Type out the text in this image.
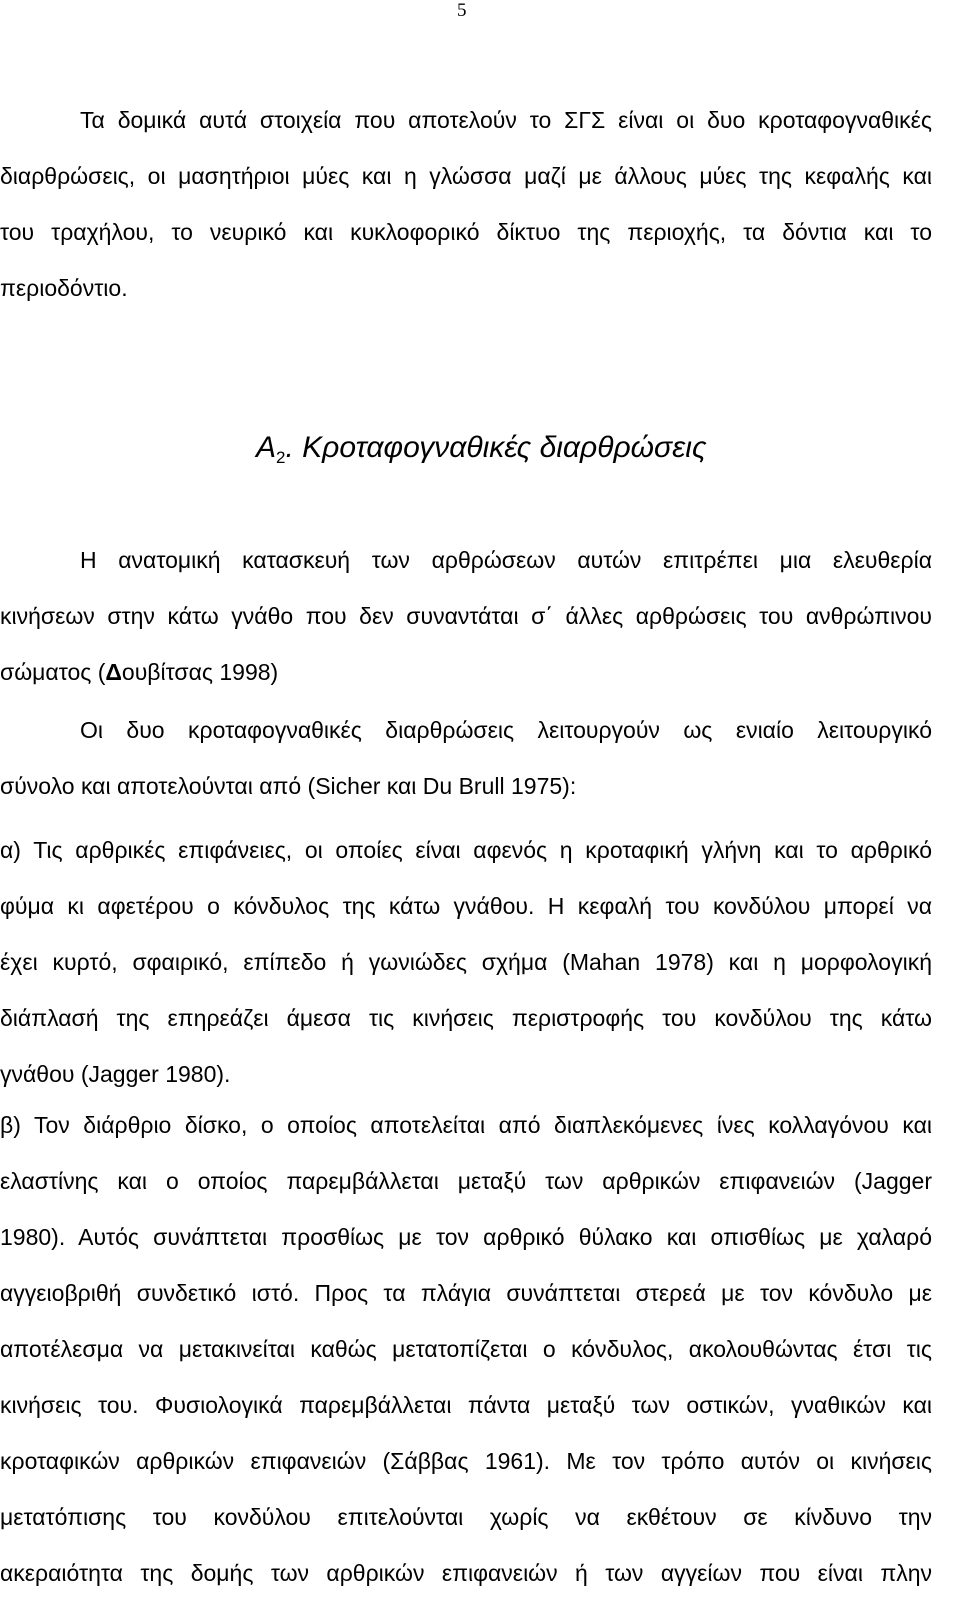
5
Τα δομικά αυτά στοιχεία που αποτελούν το ΣΓΣ είναι οι δυο κροταφογναθικές
διαρθρώσεις, οι μασητήριοι μύες και η γλώσσα μαζί με άλλους μύες της κεφαλής και
του τραχήλου, το νευρικό και κυκλοφορικό δίκτυο της περιοχής, τα δόντια και το
περιοδόντιο.
$A_2$. Κροταφογναθικές διαρθρώσεις
Η ανατομική κατασκευή των αρθρώσεων αυτών επιτρέπει μια ελευθερία
κινήσεων στην κάτω γνάθο που δεν συναντάται σ΄ άλλες αρθρώσεις του ανθρώπινου
σώματος (Δουβίτσας 1998)
Οι δυο κροταφογναθικές διαρθρώσεις λειτουργούν ως ενιαίο λειτουργικό
σύνολο και αποτελούνται από (Sicher και Du Brull 1975):
α) Τις αρθρικές επιφάνειες, οι οποίες είναι αφενός η κροταφική γλήνη και το αρθρικό
φύμα κι αφετέρου ο κόνδυλος της κάτω γνάθου. Η κεφαλή του κονδύλου μπορεί να
έχει κυρτό, σφαιρικό, επίπεδο ή γωνιώδες σχήμα (Mahan 1978) και η μορφολογική
διάπλασή της επηρεάζει άμεσα τις κινήσεις περιστροφής του κονδύλου της κάτω
γνάθου (Jagger 1980).
β) Τον διάρθριο δίσκο, ο οποίος αποτελείται από διαπλεκόμενες ίνες κολλαγόνου και
ελαστίνης και ο οποίος παρεμβάλλεται μεταξύ των αρθρικών επιφανειών (Jagger
1980). Αυτός συνάπτεται προσθίως με τον αρθρικό θύλακο και οπισθίως με χαλαρό
αγγειοβριθή συνδετικό ιστό. Προς τα πλάγια συνάπτεται στερεά με τον κόνδυλο με
αποτέλεσμα να μετακινείται καθώς μετατοπίζεται ο κόνδυλος, ακολουθώντας έτσι τις
κινήσεις του. Φυσιολογικά παρεμβάλλεται πάντα μεταξύ των οστικών, γναθικών και
κροταφικών αρθρικών επιφανειών (Σάββας 1961). Με τον τρόπο αυτόν οι κινήσεις
μετατόπισης του κονδύλου επιτελούνται χωρίς να εκθέτουν σε κίνδυνο την
ακεραιότητα της δομής των αρθρικών επιφανειών ή των αγγείων που είναι πλην
